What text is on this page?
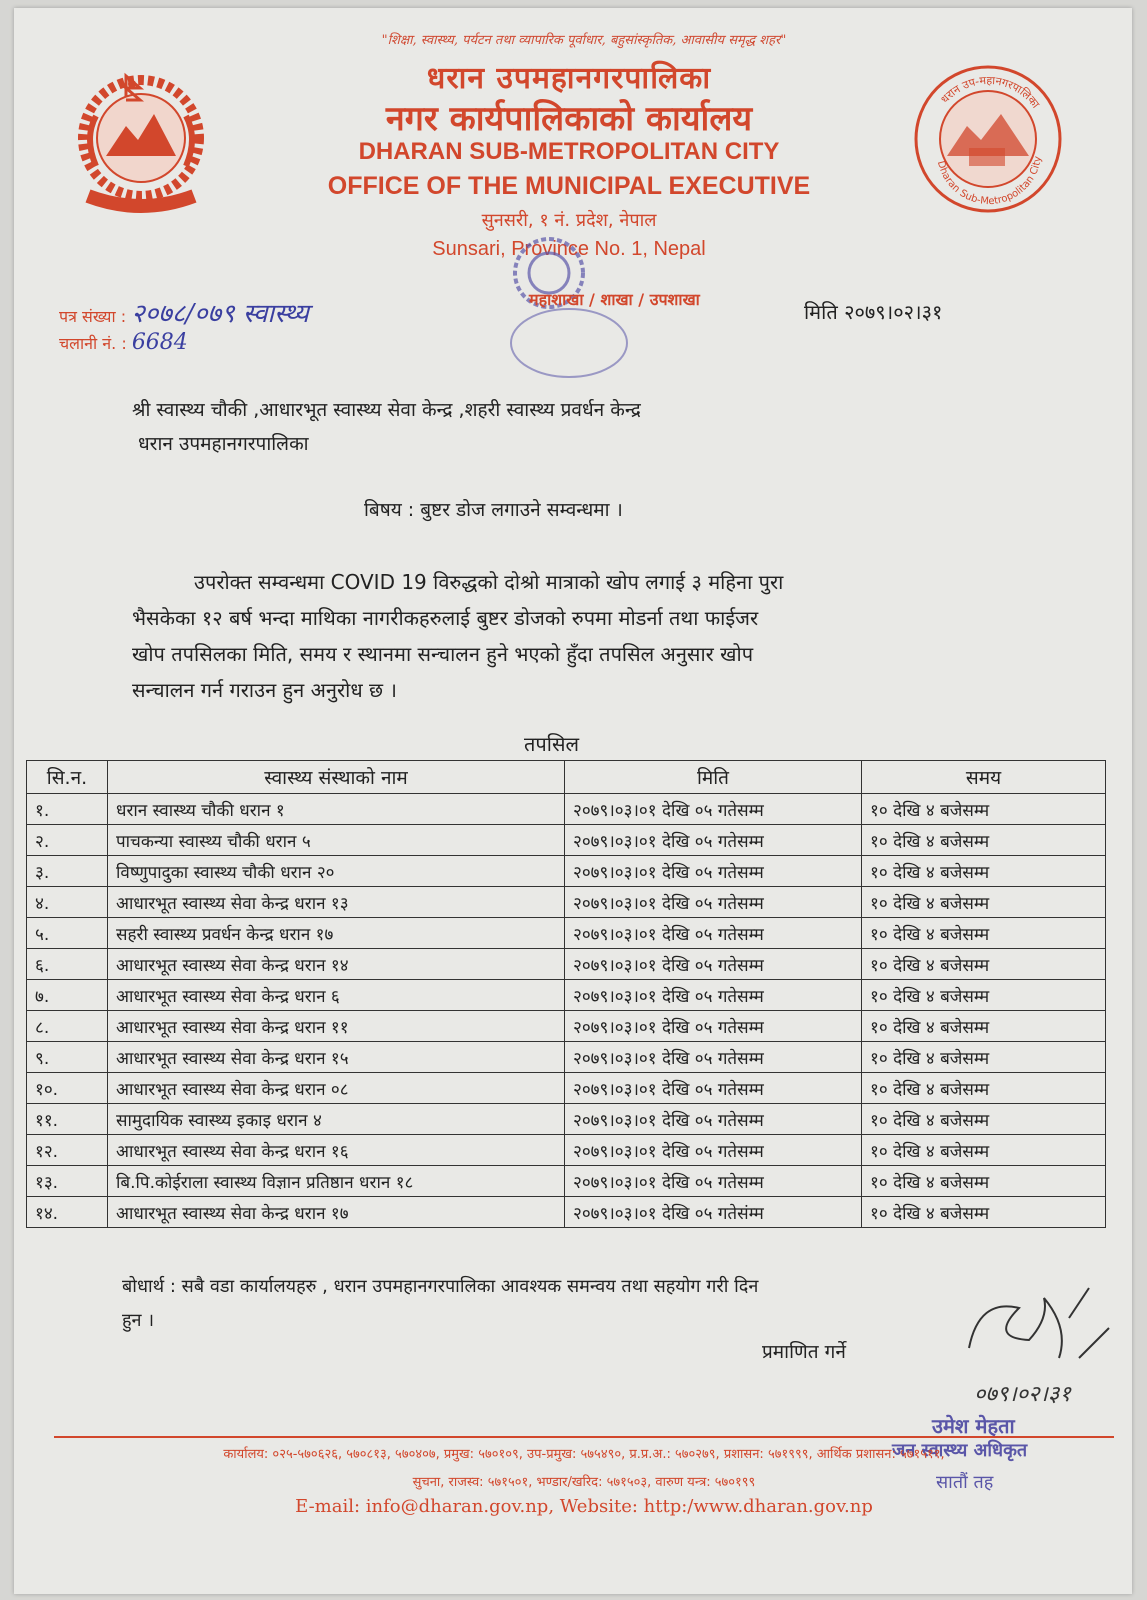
धरान उप-महानगरपालिका
Dharan Sub-Metropolitan City
"शिक्षा, स्वास्थ्य, पर्यटन तथा व्यापारिक पूर्वाधार, बहुसांस्कृतिक, आवासीय समृद्ध शहर"
धरान उपमहानगरपालिका
नगर कार्यपालिकाको कार्यालय
DHARAN SUB-METROPOLITAN CITY
OFFICE OF THE MUNICIPAL EXECUTIVE
सुनसरी, १ नं. प्रदेश, नेपाल
Sunsari, Province No. 1, Nepal
पत्र संख्या : २०७८/०७९ स्वास्थ्य
चलानी नं. : 6684
महाशाखा / शाखा / उपशाखा
मिति २०७९।०२।३१
श्री स्वास्थ्य चौकी ,आधारभूत स्वास्थ्य सेवा केन्द्र ,शहरी स्वास्थ्य प्रवर्धन केन्द्र
धरान उपमहानगरपालिका
बिषय : बुष्टर डोज लगाउने सम्वन्धमा ।
उपरोक्त सम्वन्धमा COVID 19 विरुद्धको दोश्रो मात्राको खोप लगाई ३ महिना पुरा
भैसकेका १२ बर्ष भन्दा माथिका नागरीकहरुलाई बुष्टर डोजको रुपमा मोडर्ना तथा फाईजर
खोप तपसिलका मिति, समय र स्थानमा सन्चालन हुने भएको हुँदा तपसिल अनुसार खोप
सन्चालन गर्न गराउन हुन अनुरोध छ ।
तपसिल
सि.न.	स्वास्थ्य संस्थाको नाम	मिति	समय
१.	धरान स्वास्थ्य चौकी धरान १	२०७९।०३।०१ देखि ०५ गतेसम्म	१० देखि ४ बजेसम्म
२.	पाचकन्या स्वास्थ्य चौकी धरान ५	२०७९।०३।०१ देखि ०५ गतेसम्म	१० देखि ४ बजेसम्म
३.	विष्णुपादुका स्वास्थ्य चौकी धरान २०	२०७९।०३।०१ देखि ०५ गतेसम्म	१० देखि ४ बजेसम्म
४.	आधारभूत स्वास्थ्य सेवा केन्द्र धरान १३	२०७९।०३।०१ देखि ०५ गतेसम्म	१० देखि ४ बजेसम्म
५.	सहरी स्वास्थ्य प्रवर्धन केन्द्र धरान १७	२०७९।०३।०१ देखि ०५ गतेसम्म	१० देखि ४ बजेसम्म
६.	आधारभूत स्वास्थ्य सेवा केन्द्र धरान १४	२०७९।०३।०१ देखि ०५ गतेसम्म	१० देखि ४ बजेसम्म
७.	आधारभूत स्वास्थ्य सेवा केन्द्र धरान ६	२०७९।०३।०१ देखि ०५ गतेसम्म	१० देखि ४ बजेसम्म
८.	आधारभूत स्वास्थ्य सेवा केन्द्र धरान ११	२०७९।०३।०१ देखि ०५ गतेसम्म	१० देखि ४ बजेसम्म
९.	आधारभूत स्वास्थ्य सेवा केन्द्र धरान १५	२०७९।०३।०१ देखि ०५ गतेसम्म	१० देखि ४ बजेसम्म
१०.	आधारभूत स्वास्थ्य सेवा केन्द्र धरान ०८	२०७९।०३।०१ देखि ०५ गतेसम्म	१० देखि ४ बजेसम्म
११.	सामुदायिक स्वास्थ्य इकाइ धरान ४	२०७९।०३।०१ देखि ०५ गतेसम्म	१० देखि ४ बजेसम्म
१२.	आधारभूत स्वास्थ्य सेवा केन्द्र धरान १६	२०७९।०३।०१ देखि ०५ गतेसम्म	१० देखि ४ बजेसम्म
१३.	बि.पि.कोईराला स्वास्थ्य विज्ञान प्रतिष्ठान धरान १८	२०७९।०३।०१ देखि ०५ गतेसम्म	१० देखि ४ बजेसम्म
१४.	आधारभूत स्वास्थ्य सेवा केन्द्र धरान १७	२०७९।०३।०१ देखि ०५ गतेसंम्म	१० देखि ४ बजेसम्म
बोधार्थ : सबै वडा कार्यालयहरु , धरान उपमहानगरपालिका आवश्यक समन्वय तथा सहयोग गरी दिन
हुन ।
प्रमाणित गर्ने
०७९।०२।३१
उमेश मेहता
जन स्वास्थ्य अधिकृत
सातौं तह
कार्यालय: ०२५-५७०६२६, ५७०८१३, ५७०४०७, प्रमुख: ५७०१०९, उप-प्रमुख: ५७५४९०, प्र.प्र.अ.: ५७०२७९, प्रशासन: ५७१९९९, आर्थिक प्रशासन: ५७१५११,
सुचना, राजस्व: ५७१५०१, भण्डार/खरिद: ५७१५०३, वारुण यन्त्र: ५७०१९९
E-mail: info@dharan.gov.np, Website: http:/www.dharan.gov.np
